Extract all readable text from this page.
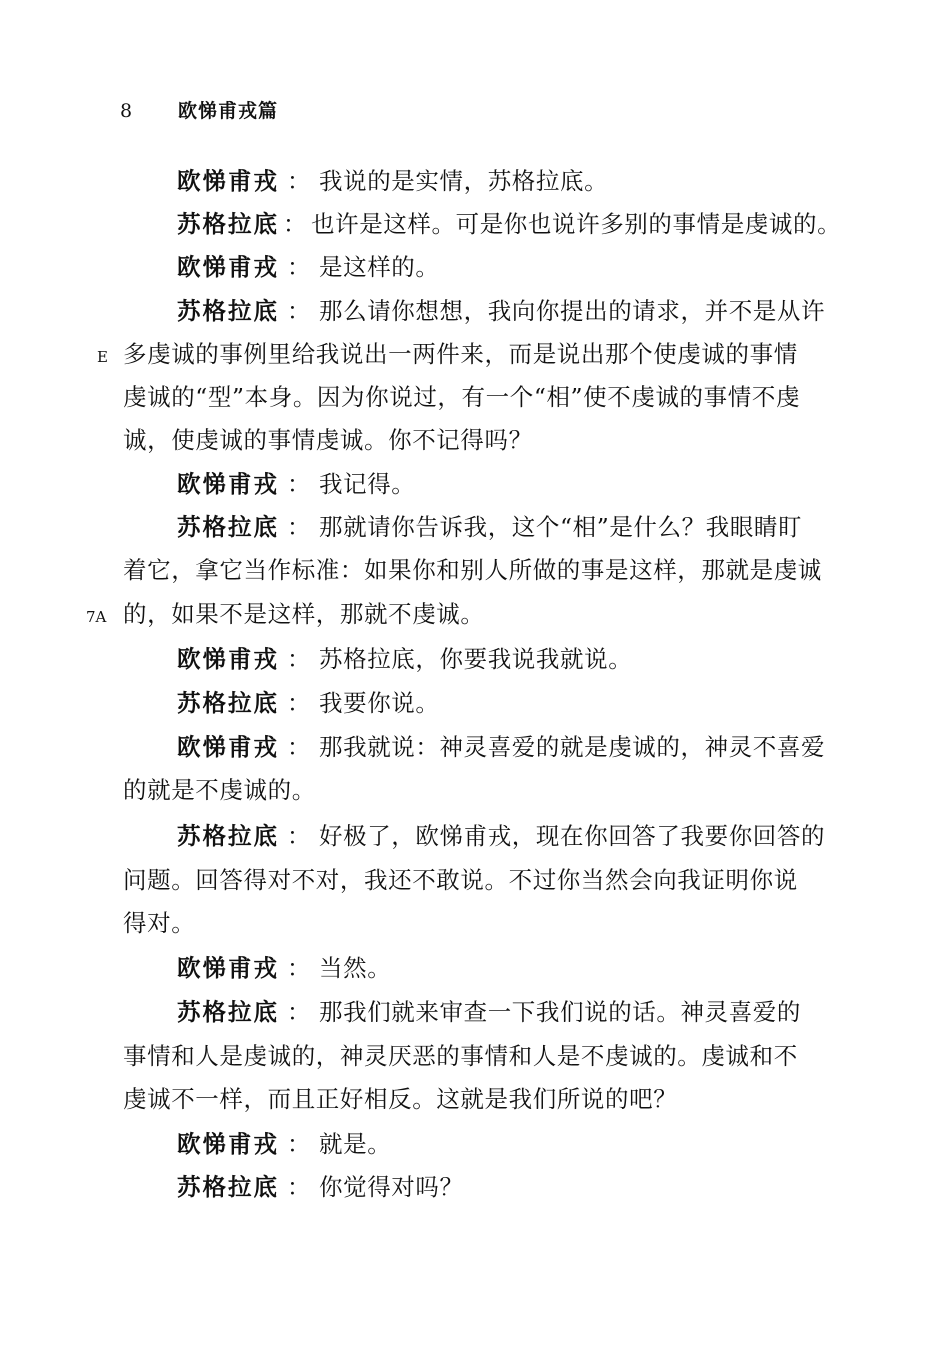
8 欧悌甫戎篇
欧悌甫戎 ： 我说的是实情，苏格拉底。
苏格拉底 ： 也许是这样。可是你也说许多别的事情是虔诚的。
欧悌甫戎 ： 是这样的。
苏格拉底 ： 那么请你想想，我向你提出的请求，并不是从许
E 多虔诚的事例里给我说出一两件来，而是说出那个使虔诚的事情
虔诚的“型”本身。因为你说过，有一个“相”使不虔诚的事情不虔
诚，使虔诚的事情虔诚。你不记得吗？
欧悌甫戎 ： 我记得。
苏格拉底 ： 那就请你告诉我，这个“相”是什么？我眼睛盯
着它，拿它当作标准：如果你和别人所做的事是这样，那就是虔诚
7A 的，如果不是这样，那就不虔诚。
欧悌甫戎 ： 苏格拉底，你要我说我就说。
苏格拉底 ： 我要你说。
欧悌甫戎 ： 那我就说：神灵喜爱的就是虔诚的，神灵不喜爱
的就是不虔诚的。
苏格拉底 ： 好极了，欧悌甫戎，现在你回答了我要你回答的
问题。回答得对不对，我还不敢说。不过你当然会向我证明你说
得对。
欧悌甫戎 ： 当然。
苏格拉底 ： 那我们就来审查一下我们说的话。神灵喜爱的
事情和人是虔诚的，神灵厌恶的事情和人是不虔诚的。虔诚和不
虔诚不一样，而且正好相反。这就是我们所说的吧？
欧悌甫戎 ： 就是。
苏格拉底 ： 你觉得对吗？
